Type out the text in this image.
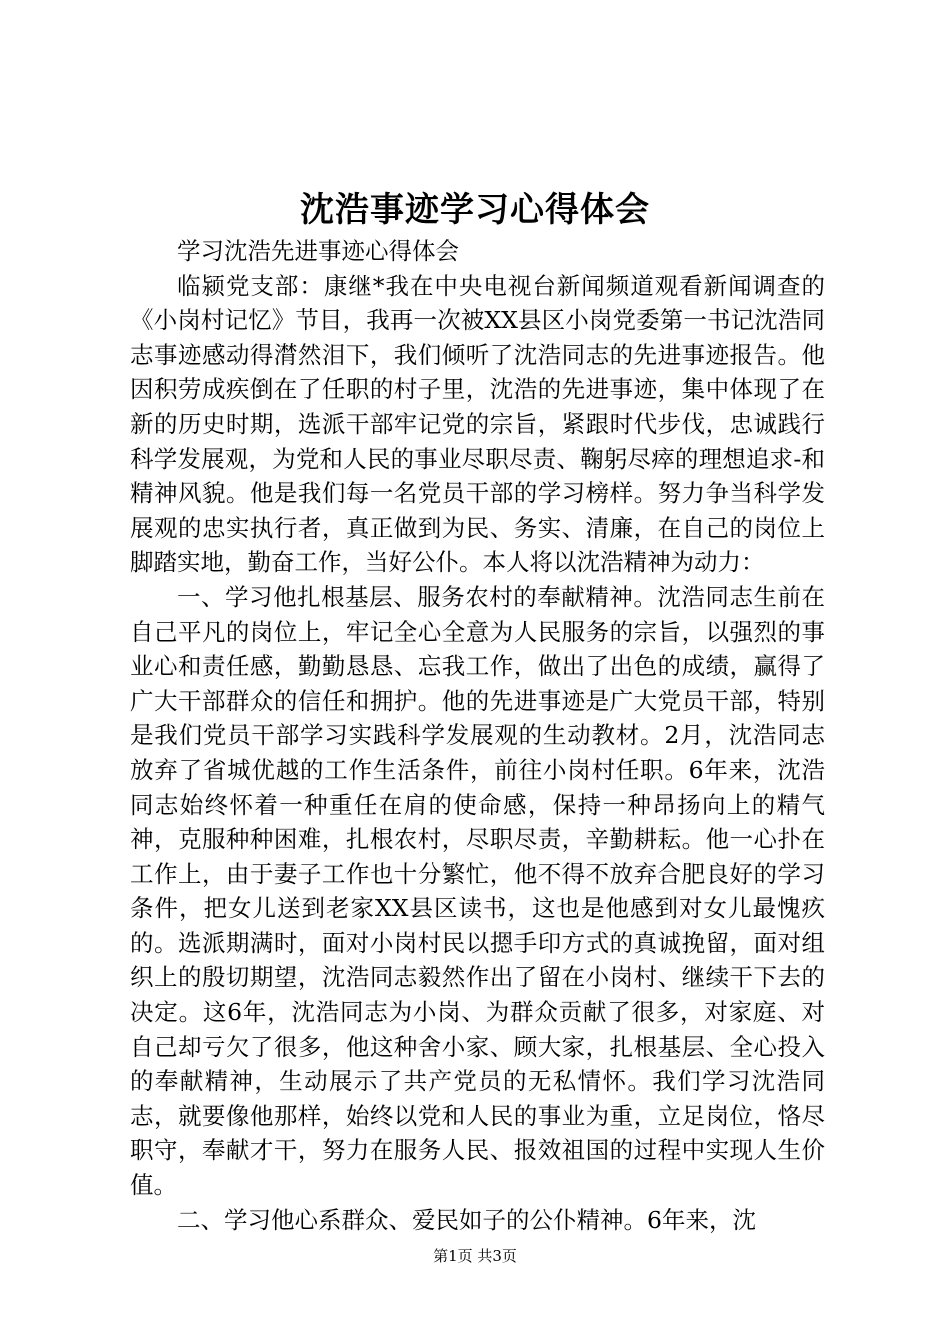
沈浩事迹学习心得体会

学习沈浩先进事迹心得体会

临颍党支部：康继*我在中央电视台新闻频道观看新闻调查的《小岗村记忆》节目，我再一次被XX县区小岗党委第一书记沈浩同志事迹感动得潸然泪下，我们倾听了沈浩同志的先进事迹报告。他因积劳成疾倒在了任职的村子里，沈浩的先进事迹，集中体现了在新的历史时期，选派干部牢记党的宗旨，紧跟时代步伐，忠诚践行科学发展观，为党和人民的事业尽职尽责、鞠躬尽瘁的理想追求-和精神风貌。他是我们每一名党员干部的学习榜样。努力争当科学发展观的忠实执行者，真正做到为民、务实、清廉，在自己的岗位上脚踏实地，勤奋工作，当好公仆。本人将以沈浩精神为动力：

一、学习他扎根基层、服务农村的奉献精神。沈浩同志生前在自己平凡的岗位上，牢记全心全意为人民服务的宗旨，以强烈的事业心和责任感，勤勤恳恳、忘我工作，做出了出色的成绩，赢得了广大干部群众的信任和拥护。他的先进事迹是广大党员干部，特别是我们党员干部学习实践科学发展观的生动教材。2月，沈浩同志放弃了省城优越的工作生活条件，前往小岗村任职。6年来，沈浩同志始终怀着一种重任在肩的使命感，保持一种昂扬向上的精气神，克服种种困难，扎根农村，尽职尽责，辛勤耕耘。他一心扑在工作上，由于妻子工作也十分繁忙，他不得不放弃合肥良好的学习条件，把女儿送到老家XX县区读书，这也是他感到对女儿最愧疚的。选派期满时，面对小岗村民以摁手印方式的真诚挽留，面对组织上的殷切期望，沈浩同志毅然作出了留在小岗村、继续干下去的决定。这6年，沈浩同志为小岗、为群众贡献了很多，对家庭、对自己却亏欠了很多，他这种舍小家、顾大家，扎根基层、全心投入的奉献精神，生动展示了共产党员的无私情怀。我们学习沈浩同志，就要像他那样，始终以党和人民的事业为重，立足岗位，恪尽职守，奉献才干，努力在服务人民、报效祖国的过程中实现人生价值。

二、学习他心系群众、爱民如子的公仆精神。6年来，沈

第1页 共3页
